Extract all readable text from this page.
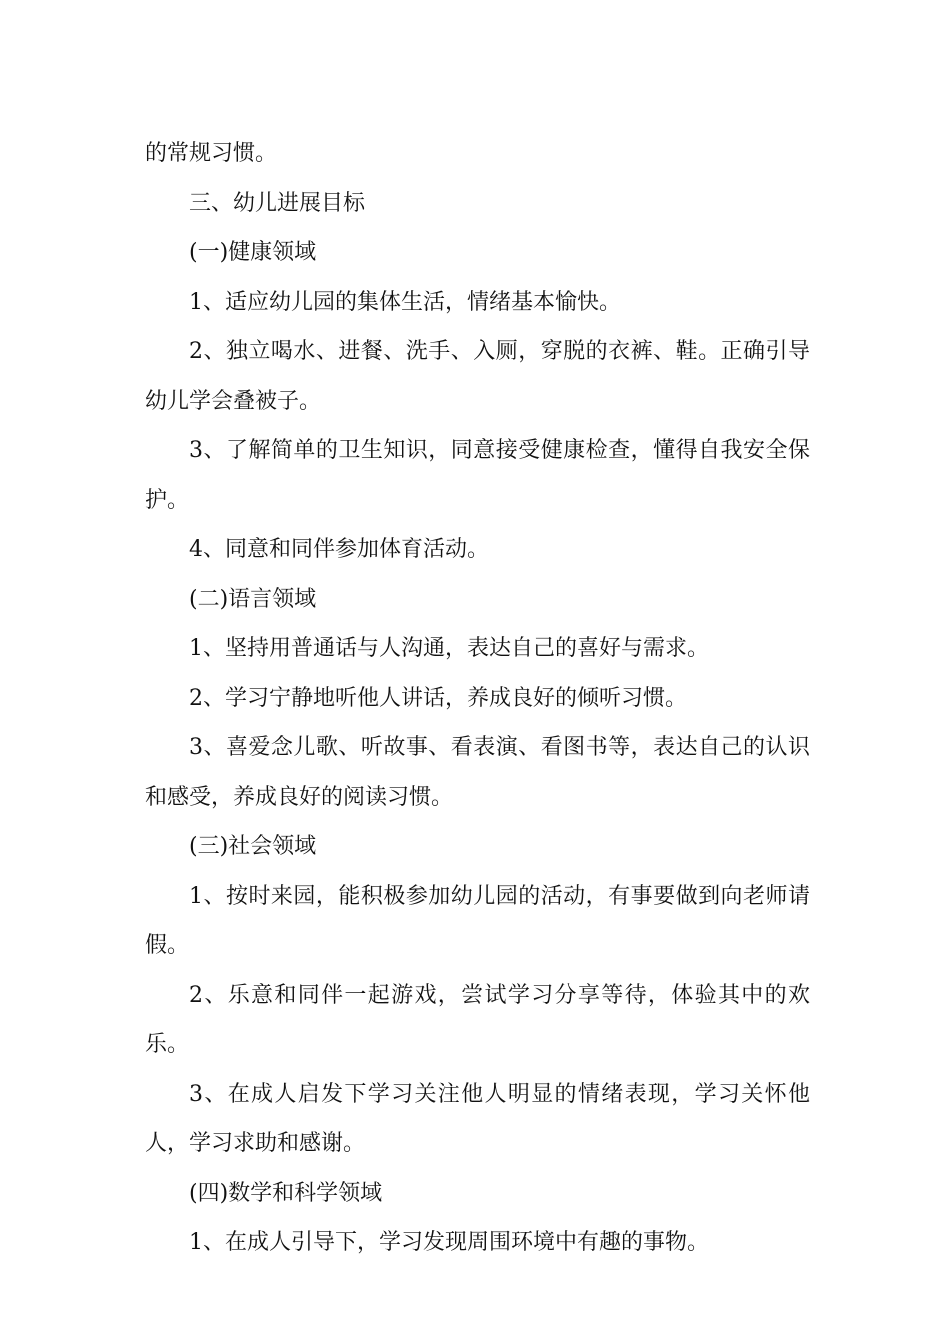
的常规习惯。

三、幼儿进展目标

(一)健康领域

1、适应幼儿园的集体生活，情绪基本愉快。

2、独立喝水、进餐、洗手、入厕，穿脱的衣裤、鞋。正确引导幼儿学会叠被子。

3、了解简单的卫生知识，同意接受健康检查，懂得自我安全保护。

4、同意和同伴参加体育活动。

(二)语言领域

1、坚持用普通话与人沟通，表达自己的喜好与需求。

2、学习宁静地听他人讲话，养成良好的倾听习惯。

3、喜爱念儿歌、听故事、看表演、看图书等，表达自己的认识和感受，养成良好的阅读习惯。

(三)社会领域

1、按时来园，能积极参加幼儿园的活动，有事要做到向老师请假。

2、乐意和同伴一起游戏，尝试学习分享等待，体验其中的欢乐。

3、在成人启发下学习关注他人明显的情绪表现，学习关怀他人，学习求助和感谢。

(四)数学和科学领域

1、在成人引导下，学习发现周围环境中有趣的事物。
